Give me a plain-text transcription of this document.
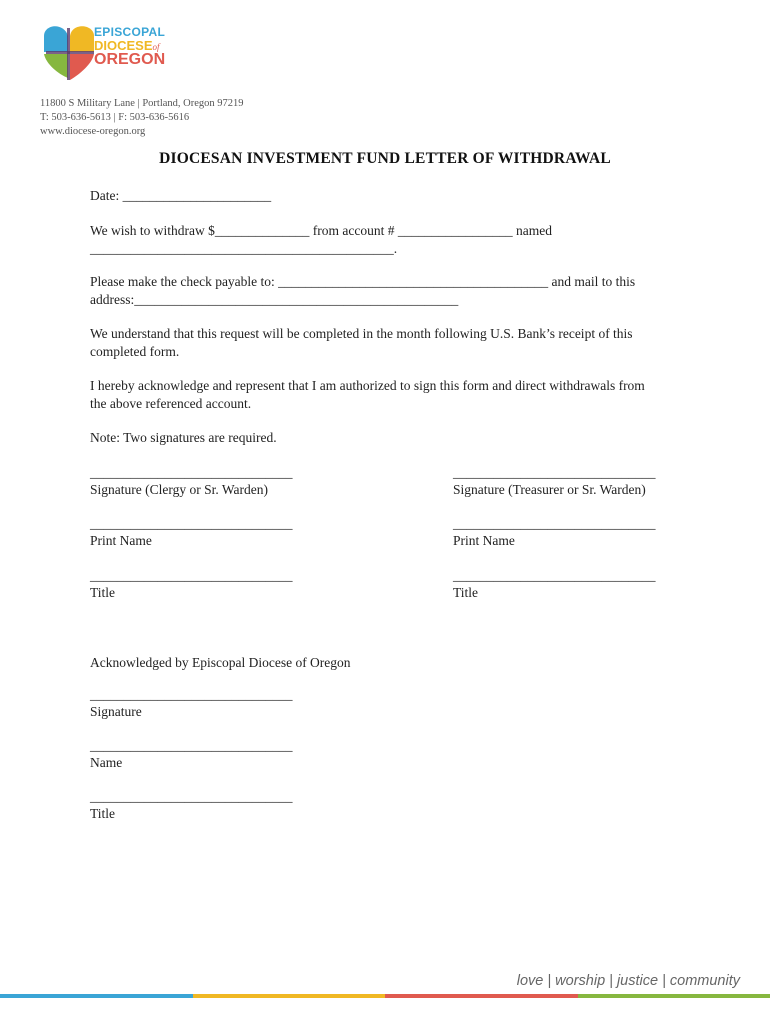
EPISCOPAL
DIOCESEof
OREGON
11800 S Military Lane | Portland, Oregon 97219
T: 503-636-5613 | F: 503-636-5616
www.diocese-oregon.org
DIOCESAN INVESTMENT FUND LETTER OF WITHDRAWAL
Date: ______________________
We wish to withdraw $______________ from account # _________________ named
_____________________________________________.
Please make the check payable to: ________________________________________ and mail to this
address:________________________________________________
We understand that this request will be completed in the month following U.S. Bank’s receipt of this
completed form.
I hereby acknowledge and represent that I am authorized to sign this form and direct withdrawals from
the above referenced account.
Note: Two signatures are required.
______________________________
Signature (Clergy or Sr. Warden)
______________________________
Print Name
______________________________
Title
______________________________
Signature (Treasurer or Sr. Warden)
______________________________
Print Name
______________________________
Title
Acknowledged by Episcopal Diocese of Oregon
______________________________
Signature
______________________________
Name
______________________________
Title
love | worship | justice | community
